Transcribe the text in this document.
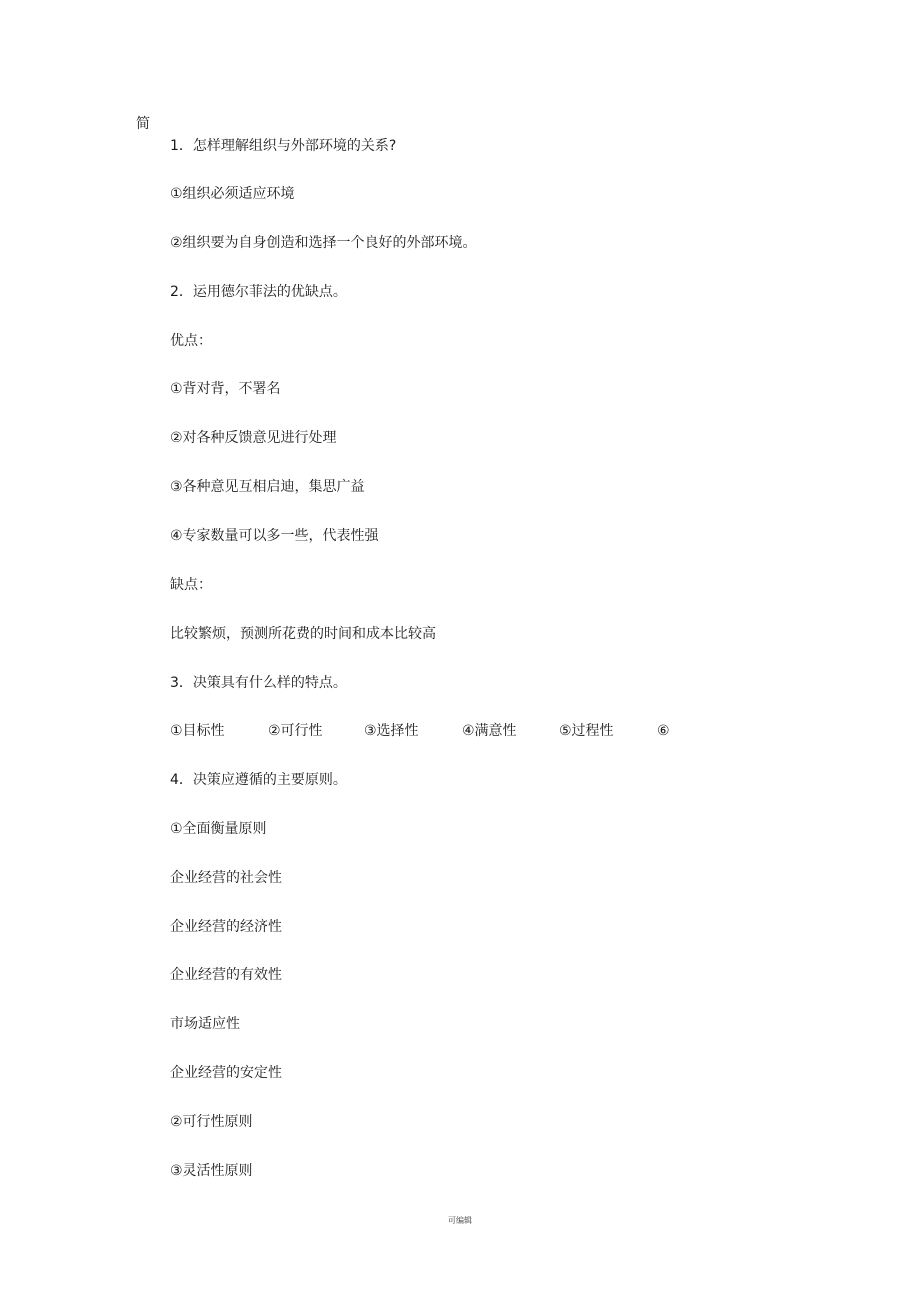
简
1．怎样理解组织与外部环境的关系?
①组织必须适应环境
②组织要为自身创造和选择一个良好的外部环境。
2．运用德尔菲法的优缺点。
优点：
①背对背，不署名
②对各种反馈意见进行处理
③各种意见互相启迪，集思广益
④专家数量可以多一些，代表性强
缺点：
比较繁烦，预测所花费的时间和成本比较高
3．决策具有什么样的特点。
①目标性	②可行性	③选择性	④满意性	⑤过程性	⑥
4．决策应遵循的主要原则。
①全面衡量原则
企业经营的社会性
企业经营的经济性
企业经营的有效性
市场适应性
企业经营的安定性
②可行性原则
③灵活性原则
可编辑
